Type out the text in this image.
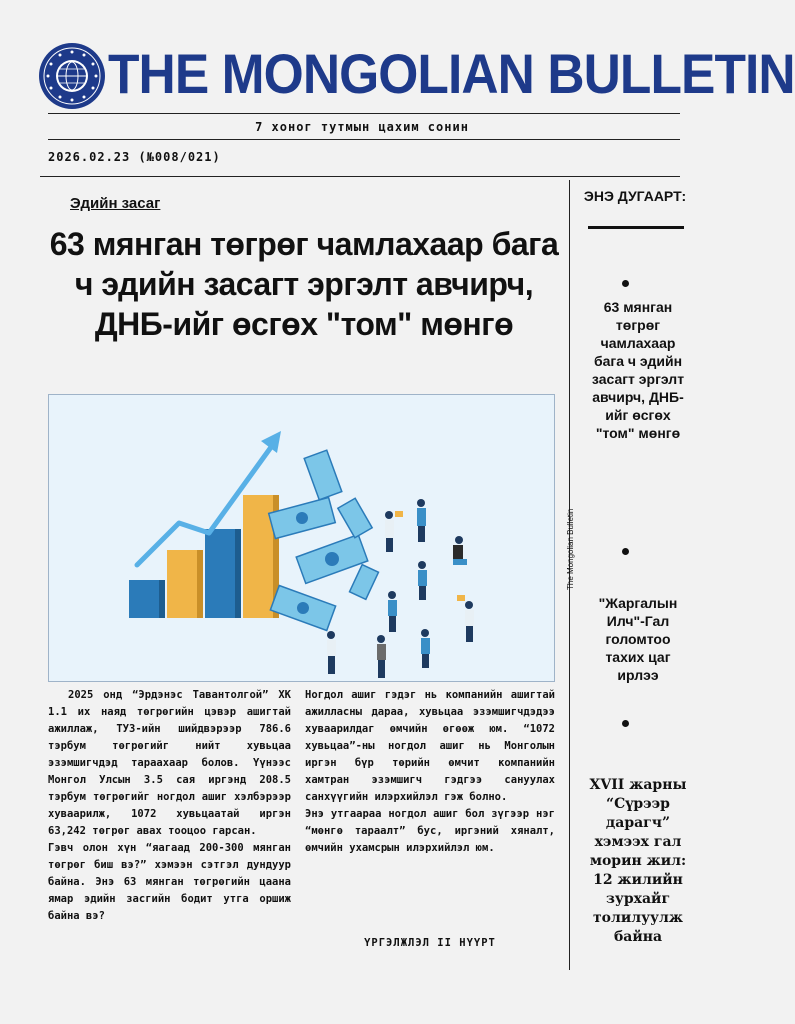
THE MONGOLIAN BULLETIN
7 хоног тутмын цахим сонин
2026.02.23 (№008/021)
Эдийн засаг
63 мянган төгрөг чамлахаар бага ч эдийн засагт эргэлт авчирч, ДНБ-ийг өсгөх "том" мөнгө

2025 онд “Эрдэнэс Тавантолгой” ХК 1.1 их наяд төгрөгийн цэвэр ашигтай ажиллаж, ТУЗ-ийн шийдвэрээр 786.6 тэрбум төгрөгийг нийт хувьцаа эзэмшигчдэд тараахаар болов. Үүнээс Монгол Улсын 3.5 сая иргэнд 208.5 тэрбум төгрөгийг ногдол ашиг хэлбэрээр хуваарилж, 1072 хувьцаатай иргэн 63,242 төгрөг авах тооцоо гарсан.

Гэвч олон хүн “яагаад 200-300 мянган төгрөг биш вэ?” хэмээн сэтгэл дундуур байна. Энэ 63 мянган төгрөгийн цаана ямар эдийн засгийн бодит утга оршиж байна вэ?

Ногдол ашиг гэдэг нь компанийн ашигтай ажилласны дараа, хувьцаа эзэмшигчдэдээ хуваарилдаг өмчийн өгөөж юм. “1072 хувьцаа”-ны ногдол ашиг нь Монголын иргэн бүр төрийн өмчит компанийн хамтран эзэмшигч гэдгээ сануулах санхүүгийн илэрхийлэл гэж болно.

Энэ утгаараа ногдол ашиг бол зүгээр нэг “мөнгө тараалт” бус, иргэний хяналт, өмчийн ухамсрын илэрхийлэл юм.

ҮРГЭЛЖЛЭЛ II НҮҮРТ
The Mongolian Bulletin
ЭНЭ ДУГААРТ:
63 мянган төгрөг чамлахаар бага ч эдийн засагт эргэлт авчирч, ДНБ-ийг өсгөх "том" мөнгө
"Жаргалын Илч"-Гал голомтоо тахих цаг ирлээ
XVII жарны “Сүрээр дарагч” хэмээх гал морин жил: 12 жилийн зурхайг толилуулж байна
